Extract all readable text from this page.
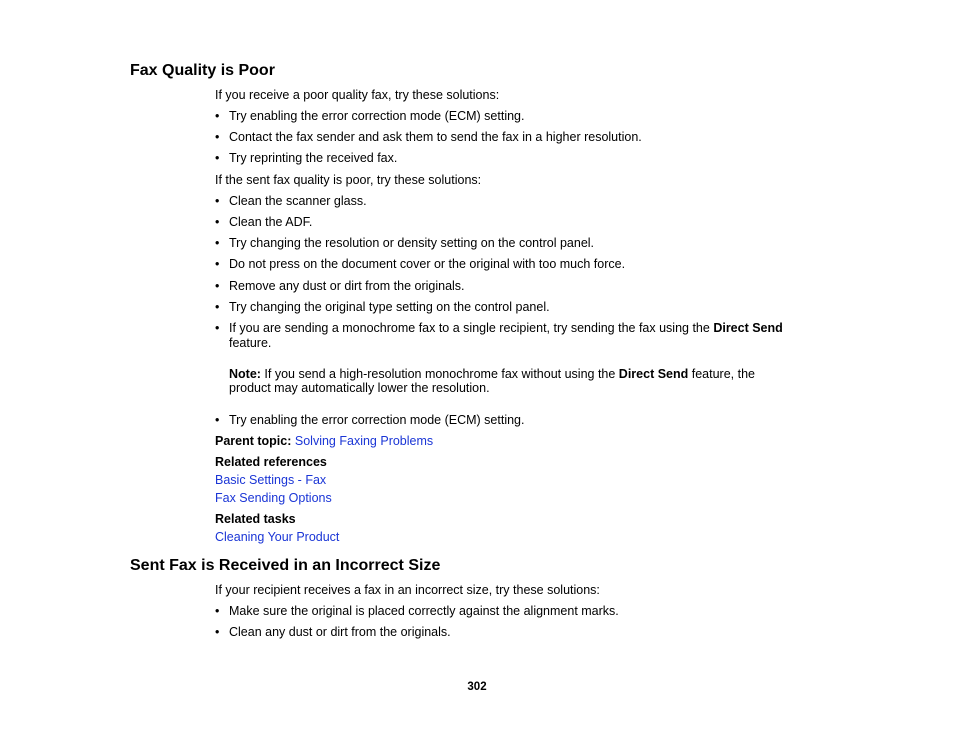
Fax Quality is Poor
If you receive a poor quality fax, try these solutions:
• Try enabling the error correction mode (ECM) setting.
• Contact the fax sender and ask them to send the fax in a higher resolution.
• Try reprinting the received fax.
If the sent fax quality is poor, try these solutions:
• Clean the scanner glass.
• Clean the ADF.
• Try changing the resolution or density setting on the control panel.
• Do not press on the document cover or the original with too much force.
• Remove any dust or dirt from the originals.
• Try changing the original type setting on the control panel.
• If you are sending a monochrome fax to a single recipient, try sending the fax using the Direct Send
feature.
Note: If you send a high-resolution monochrome fax without using the Direct Send feature, the
product may automatically lower the resolution.
• Try enabling the error correction mode (ECM) setting.
Parent topic: Solving Faxing Problems
Related references
Basic Settings - Fax
Fax Sending Options
Related tasks
Cleaning Your Product
Sent Fax is Received in an Incorrect Size
If your recipient receives a fax in an incorrect size, try these solutions:
• Make sure the original is placed correctly against the alignment marks.
• Clean any dust or dirt from the originals.
302
